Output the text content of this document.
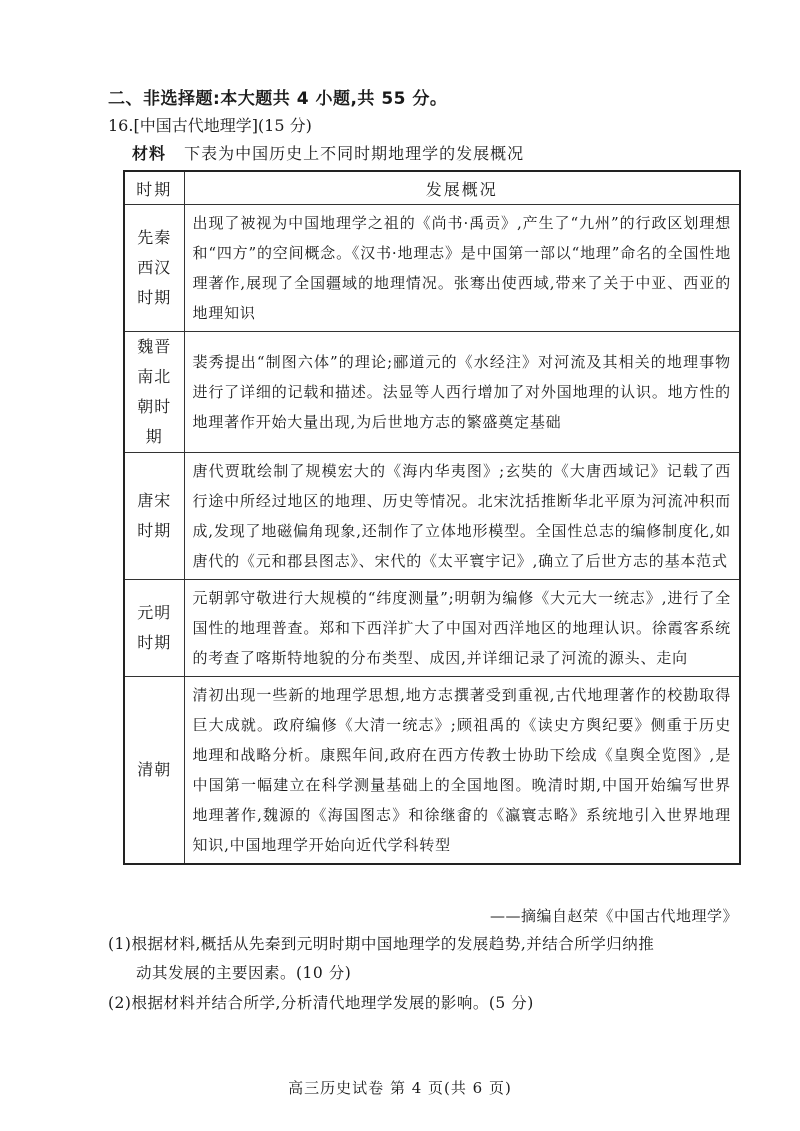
二、非选择题:本大题共 4 小题,共 55 分。
16.[中国古代地理学](15 分)
材料 下表为中国历史上不同时期地理学的发展概况
时期	发展概况
先秦西汉时期	出现了被视为中国地理学之祖的《尚书·禹贡》,产生了“九州”的行政区划理想和“四方”的空间概念。《汉书·地理志》是中国第一部以“地理”命名的全国性地理著作,展现了全国疆域的地理情况。张骞出使西域,带来了关于中亚、西亚的地理知识
魏晋南北朝时期	裴秀提出“制图六体”的理论;郦道元的《水经注》对河流及其相关的地理事物进行了详细的记载和描述。法显等人西行增加了对外国地理的认识。地方性的地理著作开始大量出现,为后世地方志的繁盛奠定基础
唐宋时期	唐代贾耽绘制了规模宏大的《海内华夷图》;玄奘的《大唐西域记》记载了西行途中所经过地区的地理、历史等情况。北宋沈括推断华北平原为河流冲积而成,发现了地磁偏角现象,还制作了立体地形模型。全国性总志的编修制度化,如唐代的《元和郡县图志》、宋代的《太平寰宇记》,确立了后世方志的基本范式
元明时期	元朝郭守敬进行大规模的“纬度测量”;明朝为编修《大元大一统志》,进行了全国性的地理普查。郑和下西洋扩大了中国对西洋地区的地理认识。徐霞客系统的考查了喀斯特地貌的分布类型、成因,并详细记录了河流的源头、走向
清朝	清初出现一些新的地理学思想,地方志撰著受到重视,古代地理著作的校勘取得巨大成就。政府编修《大清一统志》;顾祖禹的《读史方舆纪要》侧重于历史地理和战略分析。康熙年间,政府在西方传教士协助下绘成《皇舆全览图》,是中国第一幅建立在科学测量基础上的全国地图。晚清时期,中国开始编写世界地理著作,魏源的《海国图志》和徐继畬的《瀛寰志略》系统地引入世界地理知识,中国地理学开始向近代学科转型
——摘编自赵荣《中国古代地理学》
(1)根据材料,概括从先秦到元明时期中国地理学的发展趋势,并结合所学归纳推
动其发展的主要因素。(10 分)
(2)根据材料并结合所学,分析清代地理学发展的影响。(5 分)
高三历史试卷 第 4 页(共 6 页)
